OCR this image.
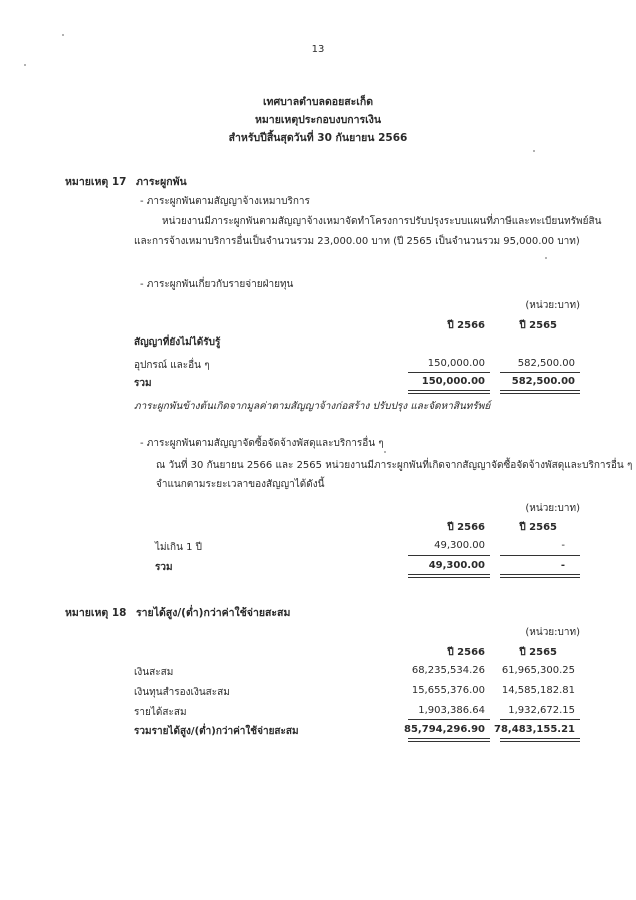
13
เทศบาลตำบลดอยสะเก็ด
หมายเหตุประกอบงบการเงิน
สำหรับปีสิ้นสุดวันที่ 30 กันยายน 2566
หมายเหตุ 17 ภาระผูกพัน
- ภาระผูกพันตามสัญญาจ้างเหมาบริการ
หน่วยงานมีภาระผูกพันตามสัญญาจ้างเหมาจัดทำโครงการปรับปรุงระบบแผนที่ภาษีและทะเบียนทรัพย์สิน
และการจ้างเหมาบริการอื่นเป็นจำนวนรวม 23,000.00 บาท (ปี 2565 เป็นจำนวนรวม 95,000.00 บาท)
- ภาระผูกพันเกี่ยวกับรายจ่ายฝ่ายทุน
(หน่วย:บาท)
ปี 2566	ปี 2565
สัญญาที่ยังไม่ได้รับรู้
อุปกรณ์ และอื่น ๆ	150,000.00	582,500.00
รวม	150,000.00	582,500.00
ภาระผูกพันข้างต้นเกิดจากมูลค่าตามสัญญาจ้างก่อสร้าง ปรับปรุง และจัดหาสินทรัพย์
- ภาระผูกพันตามสัญญาจัดซื้อจัดจ้างพัสดุและบริการอื่น ๆ
ณ วันที่ 30 กันยายน 2566 และ 2565 หน่วยงานมีภาระผูกพันที่เกิดจากสัญญาจัดซื้อจัดจ้างพัสดุและบริการอื่น ๆ
จำแนกตามระยะเวลาของสัญญาได้ดังนี้
(หน่วย:บาท)
ปี 2566	ปี 2565
ไม่เกิน 1 ปี	49,300.00	-
รวม	49,300.00	-
หมายเหตุ 18 รายได้สูง/(ต่ำ)กว่าค่าใช้จ่ายสะสม
(หน่วย:บาท)
ปี 2566	ปี 2565
เงินสะสม	68,235,534.26	61,965,300.25
เงินทุนสำรองเงินสะสม	15,655,376.00	14,585,182.81
รายได้สะสม	1,903,386.64	1,932,672.15
รวมรายได้สูง/(ต่ำ)กว่าค่าใช้จ่ายสะสม	85,794,296.90 78,483,155.21
